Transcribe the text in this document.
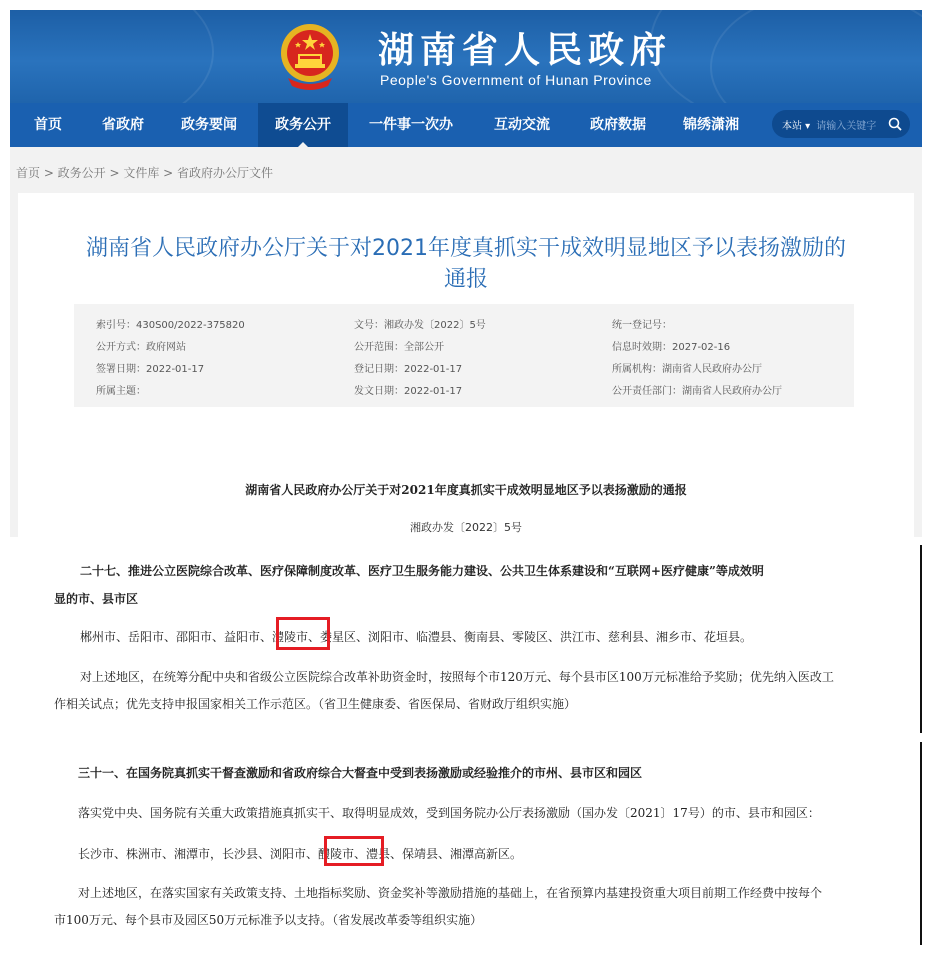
湖南省人民政府
People's Government of Hunan Province
首页	省政府	政务要闻	政务公开	一件事一次办	互动交流	政府数据	锦绣潇湘	本站 ▾ 请输入关键字
首页 > 政务公开 > 文件库 > 省政府办公厅文件
湖南省人民政府办公厅关于对2021年度真抓实干成效明显地区予以表扬激励的
通报
索引号：430S00/2022-375820	文号：湘政办发〔2022〕5号	统一登记号：
公开方式：政府网站	公开范围：全部公开	信息时效期：2027-02-16
签署日期：2022-01-17	登记日期：2022-01-17	所属机构：湖南省人民政府办公厅
所属主题：	发文日期：2022-01-17	公开责任部门：湖南省人民政府办公厅
湖南省人民政府办公厅关于对2021年度真抓实干成效明显地区予以表扬激励的通报
湘政办发〔2022〕5号

二十七、推进公立医院综合改革、医疗保障制度改革、医疗卫生服务能力建设、公共卫生体系建设和“互联网+医疗健康”等成效明

显的市、县市区

郴州市、岳阳市、邵阳市、益阳市、澧陵市、娄星区、浏阳市、临澧县、衡南县、零陵区、洪江市、慈利县、湘乡市、花垣县。

对上述地区，在统筹分配中央和省级公立医院综合改革补助资金时，按照每个市120万元、每个县市区100万元标准给予奖励；优先纳入医改工

作相关试点；优先支持申报国家相关工作示范区。（省卫生健康委、省医保局、省财政厅组织实施）

三十一、在国务院真抓实干督查激励和省政府综合大督查中受到表扬激励或经验推介的市州、县市区和园区

落实党中央、国务院有关重大政策措施真抓实干、取得明显成效，受到国务院办公厅表扬激励（国办发〔2021〕17号）的市、县市和园区：

长沙市、株洲市、湘潭市，长沙县、浏阳市、醴陵市、澧县、保靖县、湘潭高新区。

对上述地区，在落实国家有关政策支持、土地指标奖励、资金奖补等激励措施的基础上，在省预算内基建投资重大项目前期工作经费中按每个

市100万元、每个县市及园区50万元标准予以支持。（省发展改革委等组织实施）
